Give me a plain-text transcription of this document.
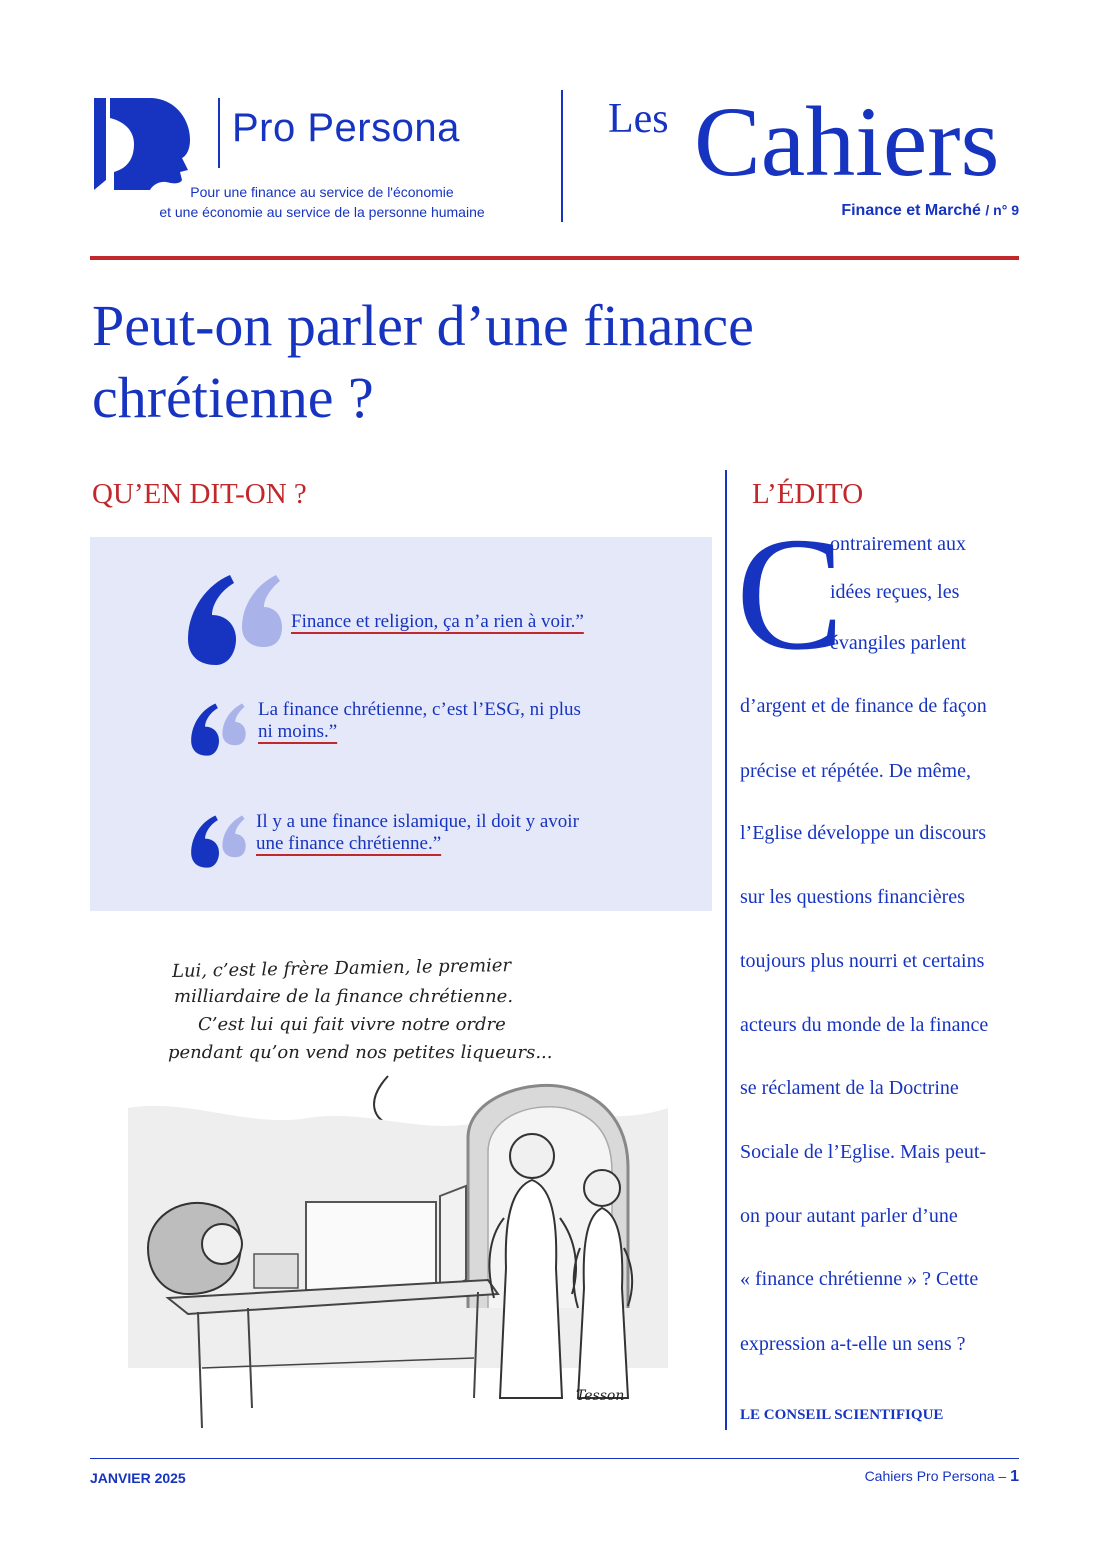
Pro Persona
Pour une finance au service de l'économie
et une économie au service de la personne humaine
Les Cahiers
Finance et Marché / n° 9
Peut-on parler d’une finance
chrétienne ?
QU’EN DIT-ON ?
Finance et religion, ça n’a rien à voir.”
La finance chrétienne, c’est l’ESG, ni plus
ni moins.”
Il y a une finance islamique, il doit y avoir
une finance chrétienne.”
Lui, c’est le frère Damien, le premier
milliardaire de la finance chrétienne.
C’est lui qui fait vivre notre ordre
pendant qu’on vend nos petites liqueurs...
Tesson
L’ÉDITO
C
ontrairement aux
idées reçues, les
évangiles parlent
d’argent et de finance de façon
précise et répétée. De même,
l’Eglise développe un discours
sur les questions financières
toujours plus nourri et certains
acteurs du monde de la finance
se réclament de la Doctrine
Sociale de l’Eglise. Mais peut-
on pour autant parler d’une
« finance chrétienne » ? Cette
expression a-t-elle un sens ?
LE CONSEIL SCIENTIFIQUE
JANVIER 2025	Cahiers Pro Persona – 1
